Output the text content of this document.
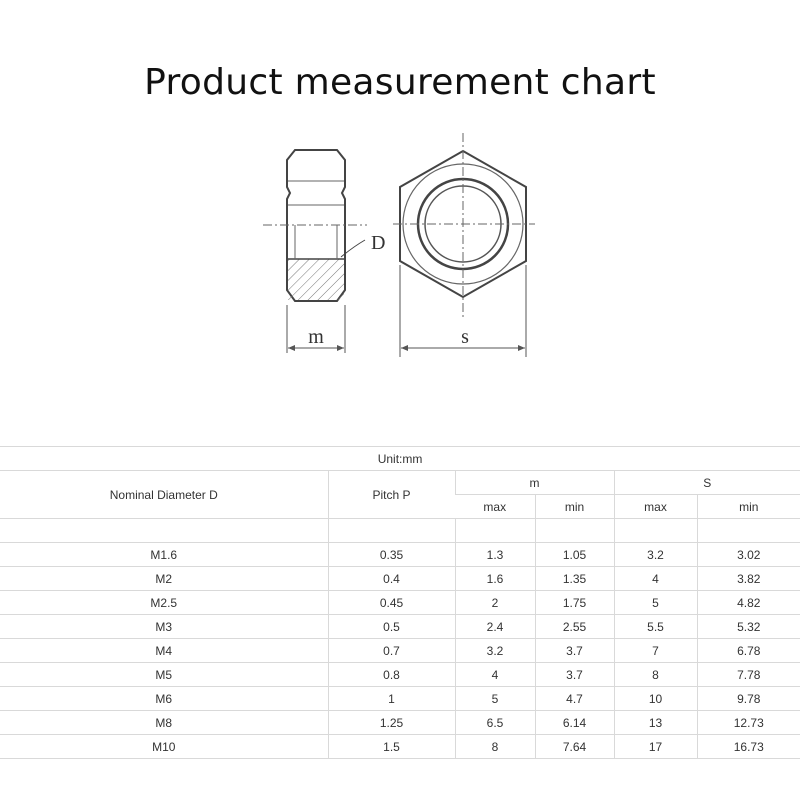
Product measurement chart
D
m	s
Unit:mm					
Nominal Diameter D	Pitch P	m		S	
		max	min	max	min

M1.6	0.35	1.3	1.05	3.2	3.02
M2	0.4	1.6	1.35	4	3.82
M2.5	0.45	2	1.75	5	4.82
M3	0.5	2.4	2.55	5.5	5.32
M4	0.7	3.2	3.7	7	6.78
M5	0.8	4	3.7	8	7.78
M6	1	5	4.7	10	9.78
M8	1.25	6.5	6.14	13	12.73
M10	1.5	8	7.64	17	16.73
